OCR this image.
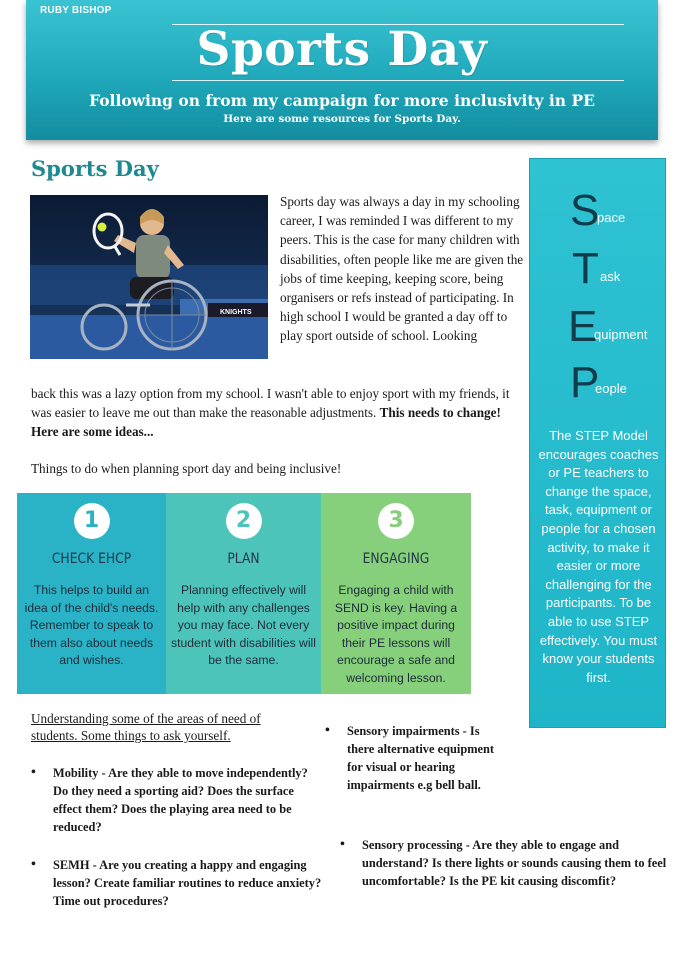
RUBY BISHOP
Sports Day
Following on from my campaign for more inclusivity in PE
Here are some resources for Sports Day.
Sports Day
KNIGHTS
Sports day was always a day in my schooling career, I was reminded I was different to my peers. This is the case for many children with disabilities, often people like me are given the jobs of time keeping, keeping score, being organisers or refs instead of participating. In high school I would be granted a day off to play sport outside of school. Looking
back this was a lazy option from my school. I wasn't able to enjoy sport with my friends, it was easier to leave me out than make the reasonable adjustments. This needs to change! Here are some ideas...
Things to do when planning sport day and being inclusive!
S
pace
T ask
E
quipment
P
eople
The STEP Model encourages coaches or PE teachers to change the space, task, equipment or people for a chosen activity, to make it easier or more challenging for the participants. To be able to use STEP effectively. You must know your students first.
1
CHECK EHCP
This helps to build an idea of the child's needs. Remember to speak to them also about needs and wishes.
2
PLAN
Planning effectively will help with any challenges you may face. Not every student with disabilities will be the same.
3
ENGAGING
Engaging a child with SEND is key. Having a positive impact during their PE lessons will encourage a safe and welcoming lesson.
Understanding some of the areas of need of students. Some things to ask yourself.
• Mobility - Are they able to move independently? Do they need a sporting aid? Does the surface effect them? Does the playing area need to be reduced?
• SEMH - Are you creating a happy and engaging lesson? Create familiar routines to reduce anxiety? Time out procedures?
• Sensory impairments - Is there alternative equipment for visual or hearing impairments e.g bell ball.
• Sensory processing - Are they able to engage and understand? Is there lights or sounds causing them to feel uncomfortable? Is the PE kit causing discomfit?
